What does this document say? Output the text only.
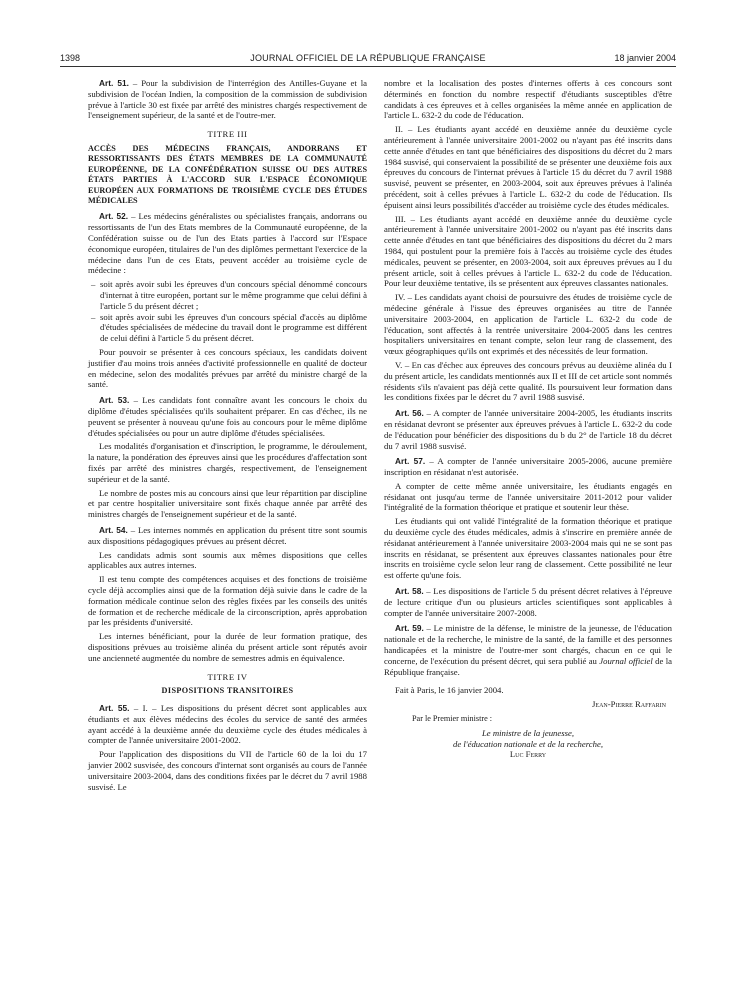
1398	JOURNAL OFFICIEL DE LA RÉPUBLIQUE FRANÇAISE	18 janvier 2004

Art. 51. – Pour la subdivision de l'interrégion des Antilles-Guyane et la subdivision de l'océan Indien, la composition de la commission de subdivision prévue à l'article 30 est fixée par arrêté des ministres chargés respectivement de l'enseignement supérieur, de la santé et de l'outre-mer.

TITRE III
ACCÈS DES MÉDECINS FRANÇAIS, ANDORRANS ET RESSORTISSANTS DES ÉTATS MEMBRES DE LA COMMUNAUTÉ EUROPÉENNE, DE LA CONFÉDÉRATION SUISSE OU DES AUTRES ÉTATS PARTIES À L'ACCORD SUR L'ESPACE ÉCONOMIQUE EUROPÉEN AUX FORMATIONS DE TROISIÈME CYCLE DES ÉTUDES MÉDICALES

Art. 52. – Les médecins généralistes ou spécialistes français, andorrans ou ressortissants de l'un des Etats membres de la Communauté européenne, de la Confédération suisse ou de l'un des Etats parties à l'accord sur l'Espace économique européen, titulaires de l'un des diplômes permettant l'exercice de la médecine dans l'un de ces Etats, peuvent accéder au troisième cycle de médecine :

– soit après avoir subi les épreuves d'un concours spécial dénommé concours d'internat à titre européen, portant sur le même programme que celui défini à l'article 5 du présent décret ;
– soit après avoir subi les épreuves d'un concours spécial d'accès au diplôme d'études spécialisées de médecine du travail dont le programme est différent de celui défini à l'article 5 du présent décret.

Pour pouvoir se présenter à ces concours spéciaux, les candidats doivent justifier d'au moins trois années d'activité professionnelle en qualité de docteur en médecine, selon des modalités prévues par arrêté du ministre chargé de la santé.

Art. 53. – Les candidats font connaître avant les concours le choix du diplôme d'études spécialisées qu'ils souhaitent préparer. En cas d'échec, ils ne peuvent se présenter à nouveau qu'une fois au concours pour le même diplôme d'études spécialisées ou pour un autre diplôme d'études spécialisées.

Les modalités d'organisation et d'inscription, le programme, le déroulement, la nature, la pondération des épreuves ainsi que les procédures d'affectation sont fixés par arrêté des ministres chargés, respectivement, de l'enseignement supérieur et de la santé.

Le nombre de postes mis au concours ainsi que leur répartition par discipline et par centre hospitalier universitaire sont fixés chaque année par arrêté des ministres chargés de l'enseignement supérieur et de la santé.

Art. 54. – Les internes nommés en application du présent titre sont soumis aux dispositions pédagogiques prévues au présent décret.

Les candidats admis sont soumis aux mêmes dispositions que celles applicables aux autres internes.

Il est tenu compte des compétences acquises et des fonctions de troisième cycle déjà accomplies ainsi que de la formation déjà suivie dans le cadre de la formation médicale continue selon des règles fixées par les conseils des unités de formation et de recherche médicale de la circonscription, après approbation par les présidents d'université.

Les internes bénéficiant, pour la durée de leur formation pratique, des dispositions prévues au troisième alinéa du présent article sont réputés avoir une ancienneté augmentée du nombre de semestres admis en équivalence.

TITRE IV
DISPOSITIONS TRANSITOIRES

Art. 55. – I. – Les dispositions du présent décret sont applicables aux étudiants et aux élèves médecins des écoles du service de santé des armées ayant accédé à la deuxième année du deuxième cycle des études médicales à compter de l'année universitaire 2001-2002.

Pour l'application des dispositions du VII de l'article 60 de la loi du 17 janvier 2002 susvisée, des concours d'internat sont organisés au cours de l'année universitaire 2003-2004, dans des conditions fixées par le décret du 7 avril 1988 susvisé. Le

nombre et la localisation des postes d'internes offerts à ces concours sont déterminés en fonction du nombre respectif d'étudiants susceptibles d'être candidats à ces épreuves et à celles organisées la même année en application de l'article L. 632-2 du code de l'éducation.

II. – Les étudiants ayant accédé en deuxième année du deuxième cycle antérieurement à l'année universitaire 2001-2002 ou n'ayant pas été inscrits dans cette année d'études en tant que bénéficiaires des dispositions du décret du 2 mars 1984 susvisé, qui conservaient la possibilité de se présenter une deuxième fois aux épreuves du concours de l'internat prévues à l'article 15 du décret du 7 avril 1988 susvisé, peuvent se présenter, en 2003-2004, soit aux épreuves prévues à l'alinéa précédent, soit à celles prévues à l'article L. 632-2 du code de l'éducation. Ils épuisent ainsi leurs possibilités d'accéder au troisième cycle des études médicales.

III. – Les étudiants ayant accédé en deuxième année du deuxième cycle antérieurement à l'année universitaire 2001-2002 ou n'ayant pas été inscrits dans cette année d'études en tant que bénéficiaires des dispositions du décret du 2 mars 1984, qui postulent pour la première fois à l'accès au troisième cycle des études médicales, peuvent se présenter, en 2003-2004, soit aux épreuves prévues au I du présent article, soit à celles prévues à l'article L. 632-2 du code de l'éducation. Pour leur deuxième tentative, ils se présentent aux épreuves classantes nationales.

IV. – Les candidats ayant choisi de poursuivre des études de troisième cycle de médecine générale à l'issue des épreuves organisées au titre de l'année universitaire 2003-2004, en application de l'article L. 632-2 du code de l'éducation, sont affectés à la rentrée universitaire 2004-2005 dans les centres hospitaliers universitaires en tenant compte, selon leur rang de classement, des vœux géographiques qu'ils ont exprimés et des nécessités de leur formation.

V. – En cas d'échec aux épreuves des concours prévus au deuxième alinéa du I du présent article, les candidats mentionnés aux II et III de cet article sont nommés résidents s'ils n'avaient pas déjà cette qualité. Ils poursuivent leur formation dans les conditions fixées par le décret du 7 avril 1988 susvisé.

Art. 56. – A compter de l'année universitaire 2004-2005, les étudiants inscrits en résidanat devront se présenter aux épreuves prévues à l'article L. 632-2 du code de l'éducation pour bénéficier des dispositions du b du 2° de l'article 18 du décret du 7 avril 1988 susvisé.

Art. 57. – A compter de l'année universitaire 2005-2006, aucune première inscription en résidanat n'est autorisée.

A compter de cette même année universitaire, les étudiants engagés en résidanat ont jusqu'au terme de l'année universitaire 2011-2012 pour valider l'intégralité de la formation théorique et pratique et soutenir leur thèse.

Les étudiants qui ont validé l'intégralité de la formation théorique et pratique du deuxième cycle des études médicales, admis à s'inscrire en première année de résidanat antérieurement à l'année universitaire 2003-2004 mais qui ne se sont pas inscrits en résidanat, se présentent aux épreuves classantes nationales pour être inscrits en troisième cycle selon leur rang de classement. Cette possibilité ne leur est offerte qu'une fois.

Art. 58. – Les dispositions de l'article 5 du présent décret relatives à l'épreuve de lecture critique d'un ou plusieurs articles scientifiques sont applicables à compter de l'année universitaire 2007-2008.

Art. 59. – Le ministre de la défense, le ministre de la jeunesse, de l'éducation nationale et de la recherche, le ministre de la santé, de la famille et des personnes handicapées et la ministre de l'outre-mer sont chargés, chacun en ce qui le concerne, de l'exécution du présent décret, qui sera publié au Journal officiel de la République française.

Fait à Paris, le 16 janvier 2004.

Jean-Pierre Raffarin
Par le Premier ministre :
Le ministre de la jeunesse,
de l'éducation nationale et de la recherche,
Luc Ferry
